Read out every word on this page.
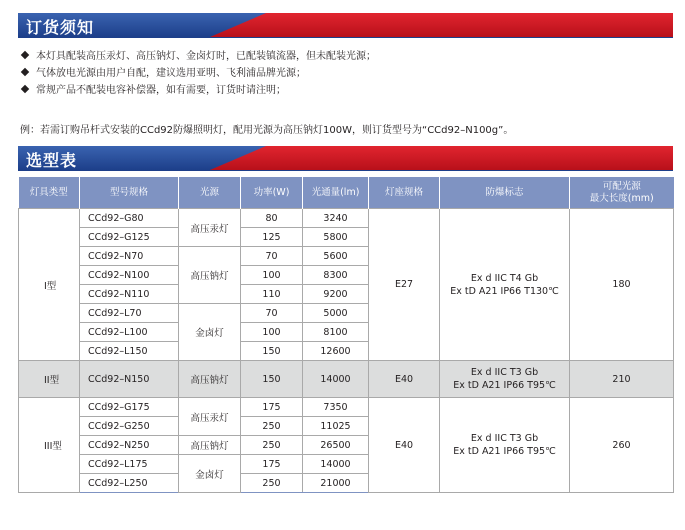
订货须知
本灯具配装高压汞灯、高压钠灯、金卤灯时，已配装镇流器，但未配装光源；
气体放电光源由用户自配，建议选用亚明、飞利浦品牌光源；
常规产品不配装电容补偿器，如有需要，订货时请注明；
例：若需订购吊杆式安装的CCd92防爆照明灯，配用光源为高压钠灯100W，则订货型号为“CCd92–N100g”。
选型表
灯具类型	型号规格	光源	功率(W)	光通量(lm)	灯座规格	防爆标志	可配光源
最大长度(mm)
I型	CCd92–G80	高压汞灯	80	3240	E27	Ex d IIC T4 Gb
Ex tD A21 IP66 T130℃	180
	CCd92–G125		125	5800			
	CCd92–N70	高压钠灯	70	5600			
	CCd92–N100		100	8300			
	CCd92–N110		110	9200			
	CCd92–L70	金卤灯	70	5000			
	CCd92–L100		100	8100			
	CCd92–L150		150	12600			
II型	CCd92–N150	高压钠灯	150	14000	E40	Ex d IIC T3 Gb
Ex tD A21 IP66 T95℃	210
III型	CCd92–G175	高压汞灯	175	7350	E40	Ex d IIC T3 Gb
Ex tD A21 IP66 T95℃	260
	CCd92–G250		250	11025			
	CCd92–N250	高压钠灯	250	26500			
	CCd92–L175	金卤灯	175	14000			
	CCd92–L250		250	21000			
